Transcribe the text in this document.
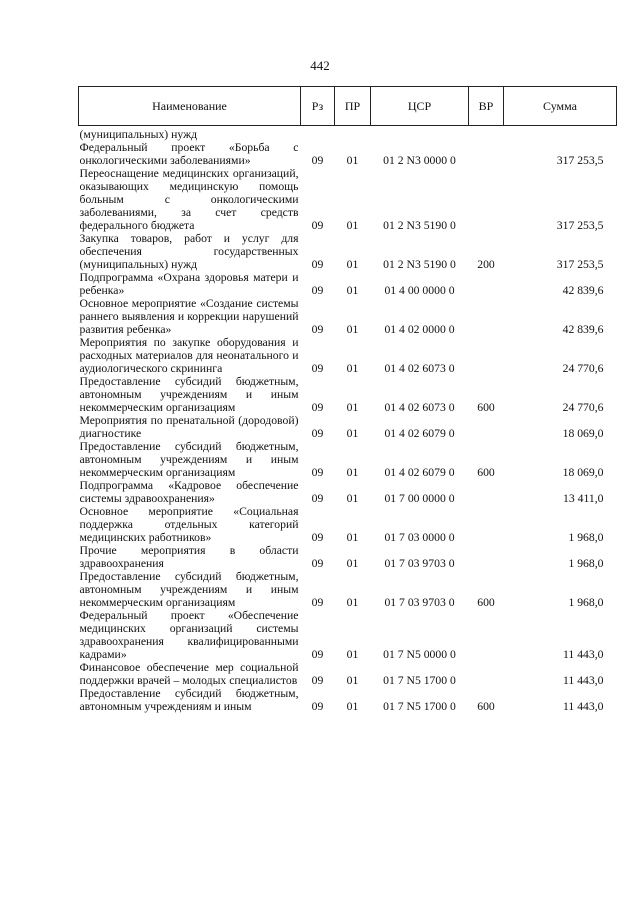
442
Наименование	Рз	ПР	ЦСР	ВР	Сумма
(муниципальных) нужд					
Федеральный проект «Борьба с онкологическими заболеваниями»	09	01	01 2 N3 0000 0		317 253,5
Переоснащение медицинских организаций, оказывающих медицинскую помощь больным с онкологическими заболеваниями, за счет средств федерального бюджета	09	01	01 2 N3 5190 0		317 253,5
Закупка товаров, работ и услуг для обеспечения государственных (муниципальных) нужд	09	01	01 2 N3 5190 0	200	317 253,5
Подпрограмма «Охрана здоровья матери и ребенка»	09	01	01 4 00 0000 0		42 839,6
Основное мероприятие «Создание системы раннего выявления и коррекции нарушений развития ребенка»	09	01	01 4 02 0000 0		42 839,6
Мероприятия по закупке оборудования и расходных материалов для неонатального и аудиологического скрининга	09	01	01 4 02 6073 0		24 770,6
Предоставление субсидий бюджетным, автономным учреждениям и иным некоммерческим организациям	09	01	01 4 02 6073 0	600	24 770,6
Мероприятия по пренатальной (дородовой) диагностике	09	01	01 4 02 6079 0		18 069,0
Предоставление субсидий бюджетным, автономным учреждениям и иным некоммерческим организациям	09	01	01 4 02 6079 0	600	18 069,0
Подпрограмма «Кадровое обеспечение системы здравоохранения»	09	01	01 7 00 0000 0		13 411,0
Основное мероприятие «Социальная поддержка отдельных категорий медицинских работников»	09	01	01 7 03 0000 0		1 968,0
Прочие мероприятия в области здравоохранения	09	01	01 7 03 9703 0		1 968,0
Предоставление субсидий бюджетным, автономным учреждениям и иным некоммерческим организациям	09	01	01 7 03 9703 0	600	1 968,0
Федеральный проект «Обеспечение медицинских организаций системы здравоохранения квалифицированными кадрами»	09	01	01 7 N5 0000 0		11 443,0
Финансовое обеспечение мер социальной поддержки врачей – молодых специалистов	09	01	01 7 N5 1700 0		11 443,0
Предоставление субсидий бюджетным, автономным учреждениям и иным	09	01	01 7 N5 1700 0	600	11 443,0
